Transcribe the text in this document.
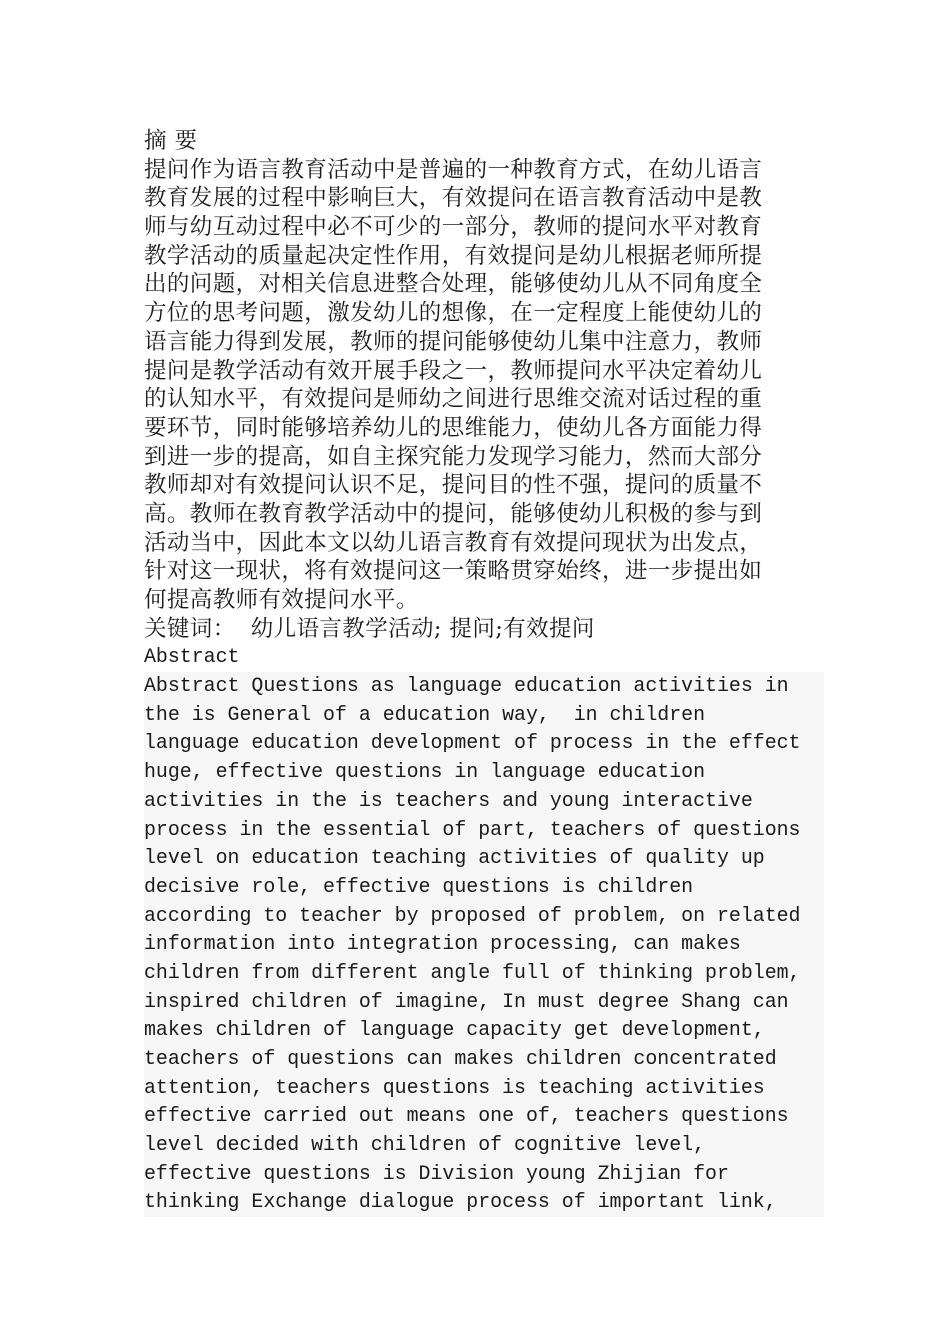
摘 要
提问作为语言教育活动中是普遍的一种教育方式，在幼儿语言
教育发展的过程中影响巨大，有效提问在语言教育活动中是教
师与幼互动过程中必不可少的一部分，教师的提问水平对教育
教学活动的质量起决定性作用，有效提问是幼儿根据老师所提
出的问题，对相关信息进整合处理，能够使幼儿从不同角度全
方位的思考问题，激发幼儿的想像，在一定程度上能使幼儿的
语言能力得到发展，教师的提问能够使幼儿集中注意力，教师
提问是教学活动有效开展手段之一，教师提问水平决定着幼儿
的认知水平，有效提问是师幼之间进行思维交流对话过程的重
要环节，同时能够培养幼儿的思维能力，使幼儿各方面能力得
到进一步的提高，如自主探究能力发现学习能力，然而大部分
教师却对有效提问认识不足，提问目的性不强，提问的质量不
高。教师在教育教学活动中的提问，能够使幼儿积极的参与到
活动当中，因此本文以幼儿语言教育有效提问现状为出发点，
针对这一现状，将有效提问这一策略贯穿始终，进一步提出如
何提高教师有效提问水平。
关键词：  幼儿语言教学活动; 提问;有效提问
Abstract
Abstract Questions as language education activities in
the is General of a education way,  in children
language education development of process in the effect
huge, effective questions in language education
activities in the is teachers and young interactive
process in the essential of part, teachers of questions
level on education teaching activities of quality up
decisive role, effective questions is children
according to teacher by proposed of problem, on related
information into integration processing, can makes
children from different angle full of thinking problem,
inspired children of imagine, In must degree Shang can
makes children of language capacity get development,
teachers of questions can makes children concentrated
attention, teachers questions is teaching activities
effective carried out means one of, teachers questions
level decided with children of cognitive level,
effective questions is Division young Zhijian for
thinking Exchange dialogue process of important link,
